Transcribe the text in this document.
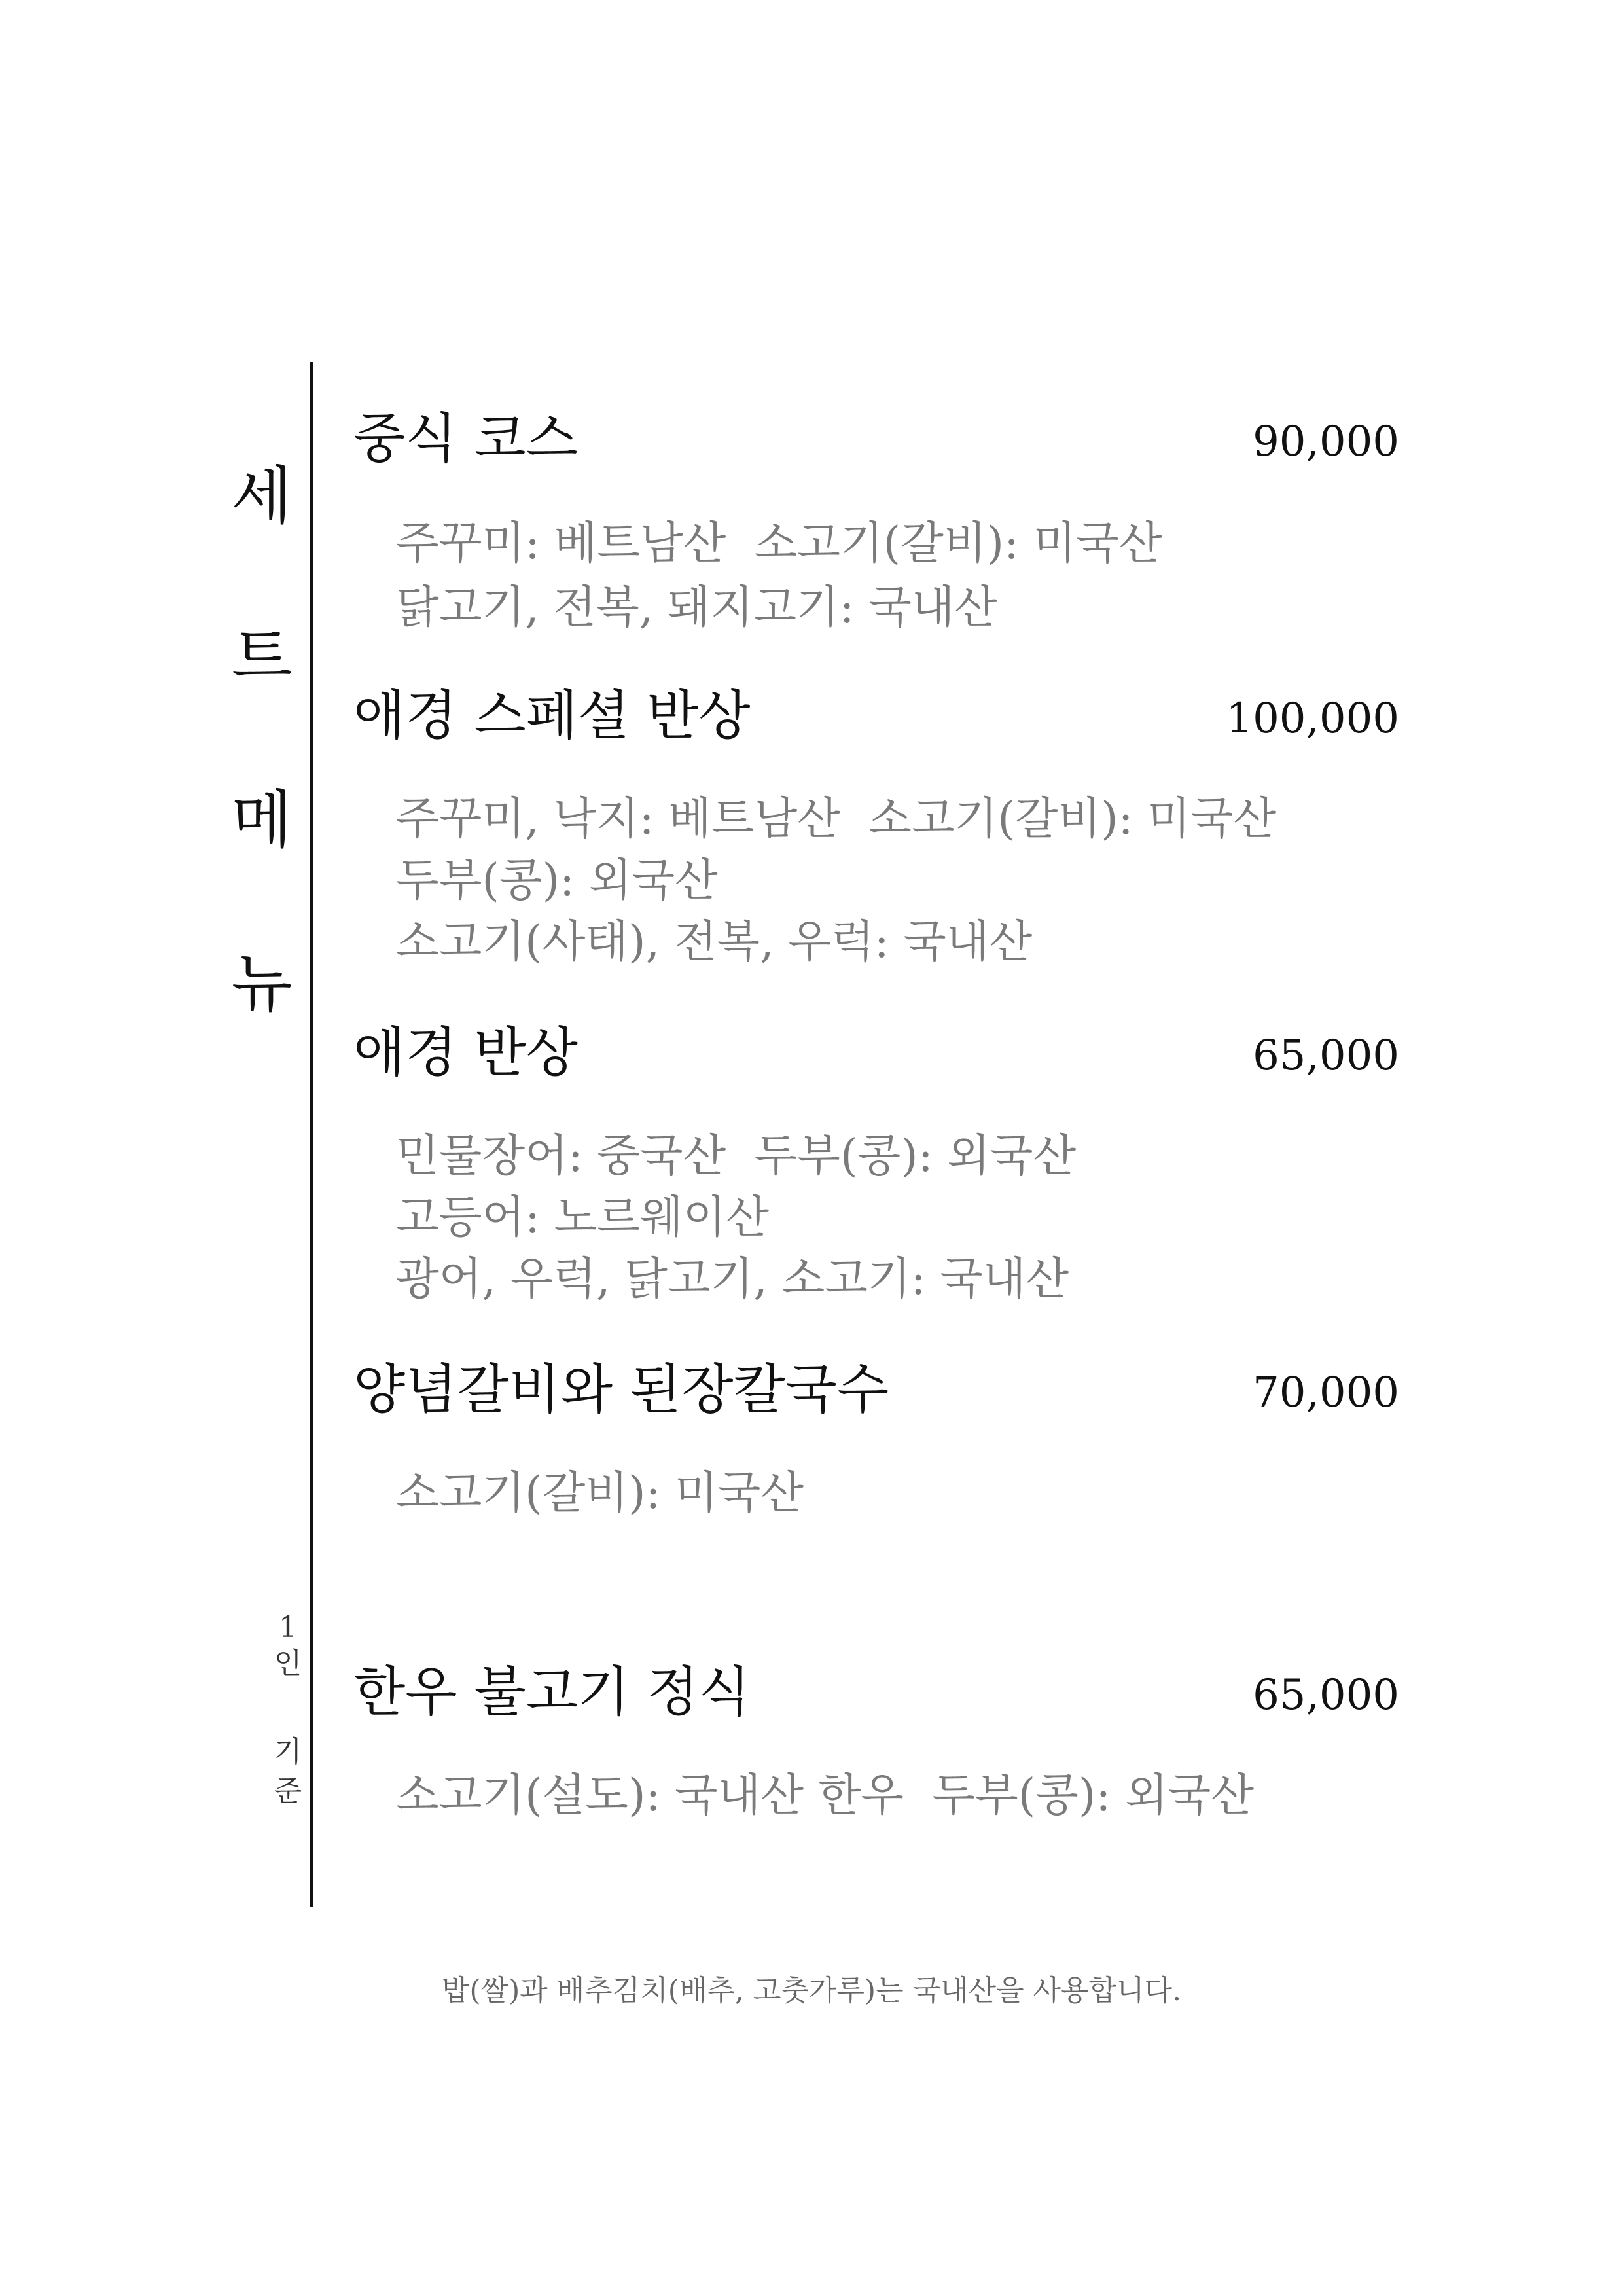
세
트
메
뉴
1
인
기
준
중식 코스	90,000
주꾸미: 베트남산  소고기(갈비): 미국산
닭고기, 전복, 돼지고기: 국내산
애경 스페셜 반상	100,000
주꾸미, 낙지: 베트남산  소고기(갈비): 미국산
두부(콩): 외국산
소고기(사태), 전복, 우럭: 국내산
애경 반상	65,000
민물장어: 중국산  두부(콩): 외국산
고등어: 노르웨이산
광어, 우럭, 닭고기, 소고기: 국내산
양념갈비와 된장칼국수	70,000
소고기(갈비): 미국산
한우 불고기 정식	65,000
소고기(설도): 국내산 한우  두부(콩): 외국산
밥(쌀)과 배추김치(배추, 고춧가루)는 국내산을 사용합니다.
